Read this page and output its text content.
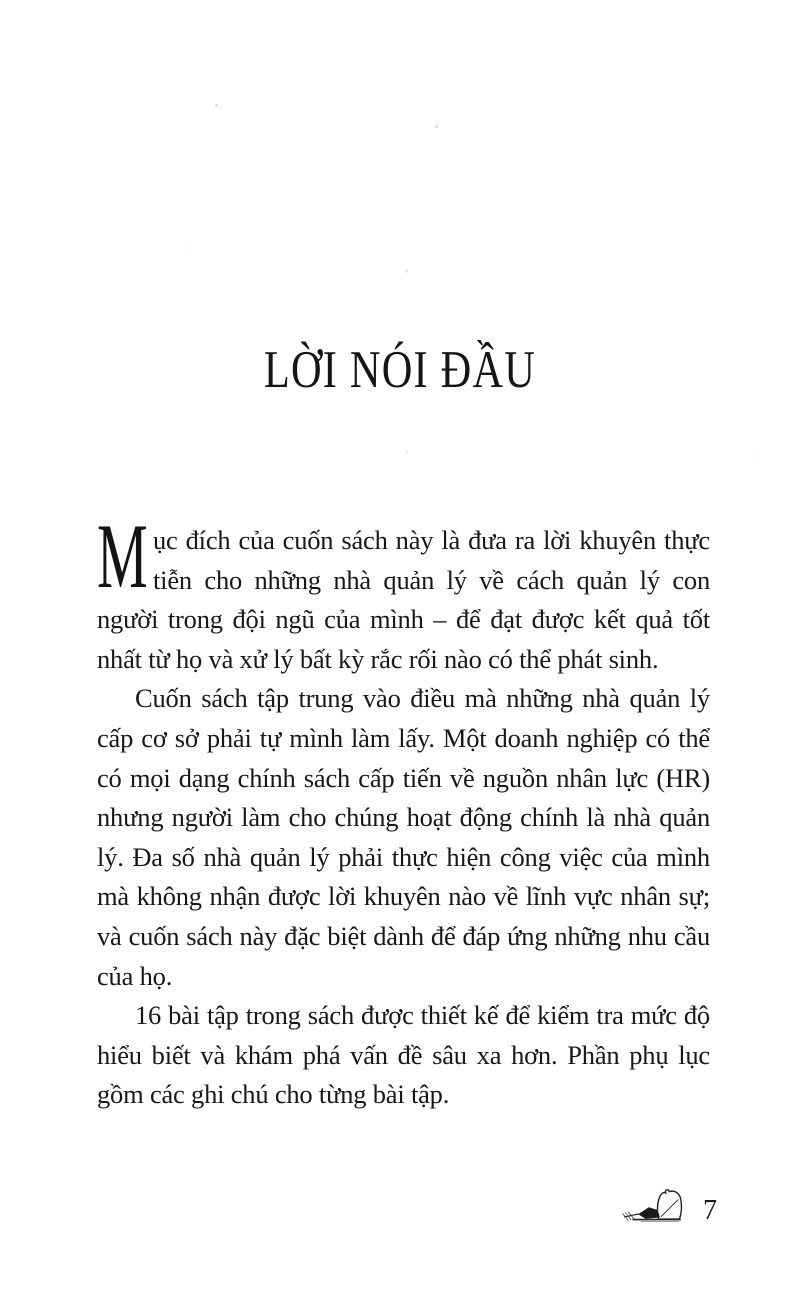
LỜI NÓI ĐẦU

Mục đích của cuốn sách này là đưa ra lời khuyên thực tiễn cho những nhà quản lý về cách quản lý con người trong đội ngũ của mình – để đạt được kết quả tốt nhất từ họ và xử lý bất kỳ rắc rối nào có thể phát sinh.

Cuốn sách tập trung vào điều mà những nhà quản lý cấp cơ sở phải tự mình làm lấy. Một doanh nghiệp có thể có mọi dạng chính sách cấp tiến về nguồn nhân lực (HR) nhưng người làm cho chúng hoạt động chính là nhà quản lý. Đa số nhà quản lý phải thực hiện công việc của mình mà không nhận được lời khuyên nào về lĩnh vực nhân sự; và cuốn sách này đặc biệt dành để đáp ứng những nhu cầu của họ.

16 bài tập trong sách được thiết kế để kiểm tra mức độ hiểu biết và khám phá vấn đề sâu xa hơn. Phần phụ lục gồm các ghi chú cho từng bài tập.

7
